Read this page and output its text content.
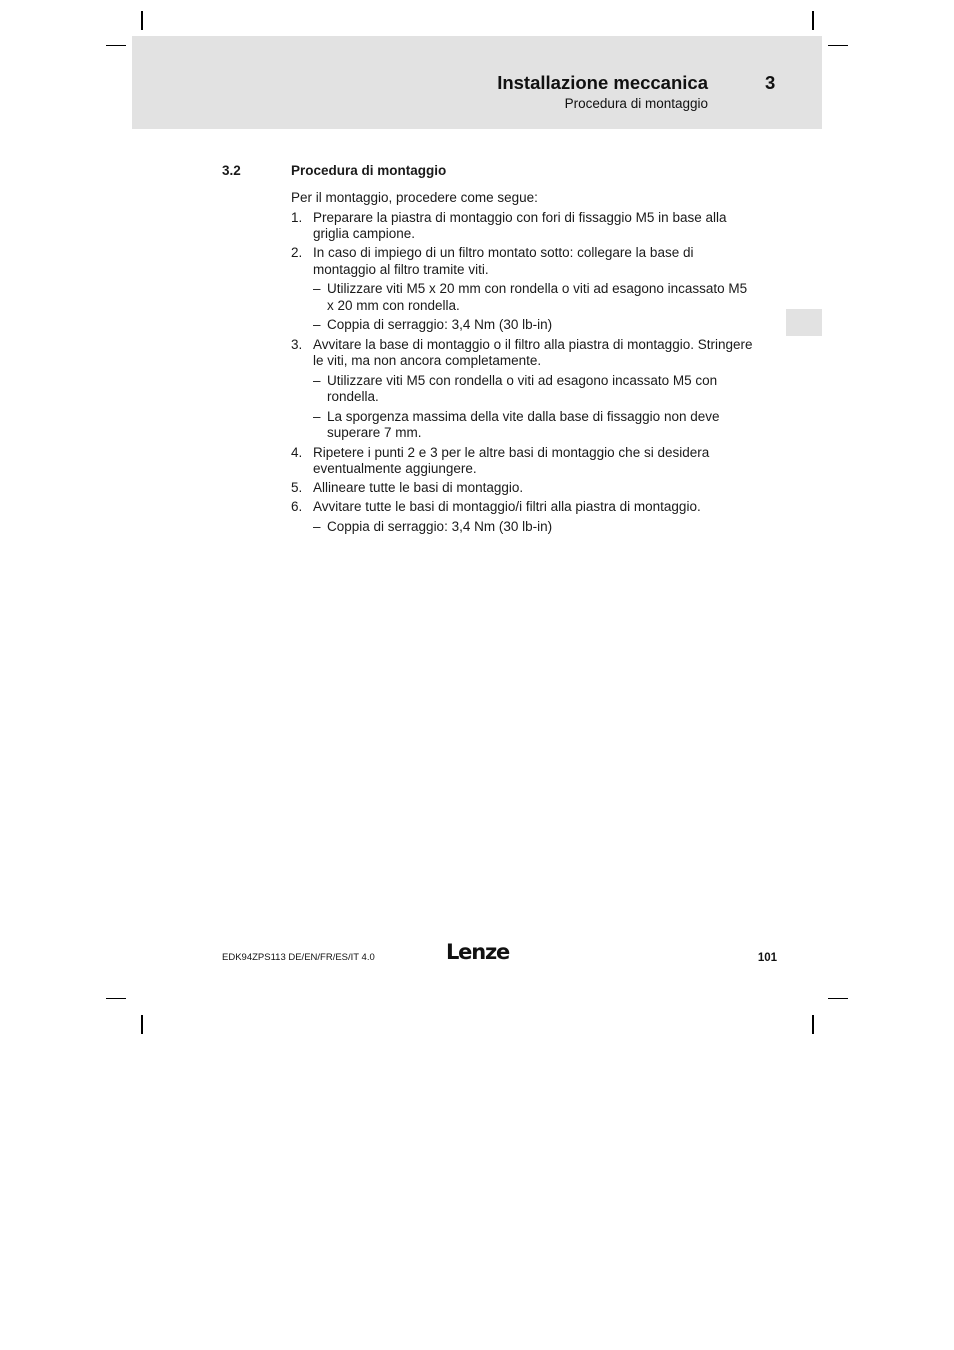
Installazione meccanica	3
Procedura di montaggio
3.2	Procedura di montaggio

Per il montaggio, procedere come segue:

1. Preparare la piastra di montaggio con fori di fissaggio M5 in base alla griglia campione.
2. In caso di impiego di un filtro montato sotto: collegare la base di montaggio al filtro tramite viti.
– Utilizzare viti M5 x 20 mm con rondella o viti ad esagono incassato M5 x 20 mm con rondella.
– Coppia di serraggio: 3,4 Nm (30 lb-in)
3. Avvitare la base di montaggio o il filtro alla piastra di montaggio. Stringere le viti, ma non ancora completamente.
– Utilizzare viti M5 con rondella o viti ad esagono incassato M5 con rondella.
– La sporgenza massima della vite dalla base di fissaggio non deve superare 7 mm.
4. Ripetere i punti 2 e 3 per le altre basi di montaggio che si desidera eventualmente aggiungere.
5. Allineare tutte le basi di montaggio.
6. Avvitare tutte le basi di montaggio/i filtri alla piastra di montaggio.
– Coppia di serraggio: 3,4 Nm (30 lb-in)
EDK94ZPS113 DE/EN/FR/ES/IT 4.0	Lenze	101
